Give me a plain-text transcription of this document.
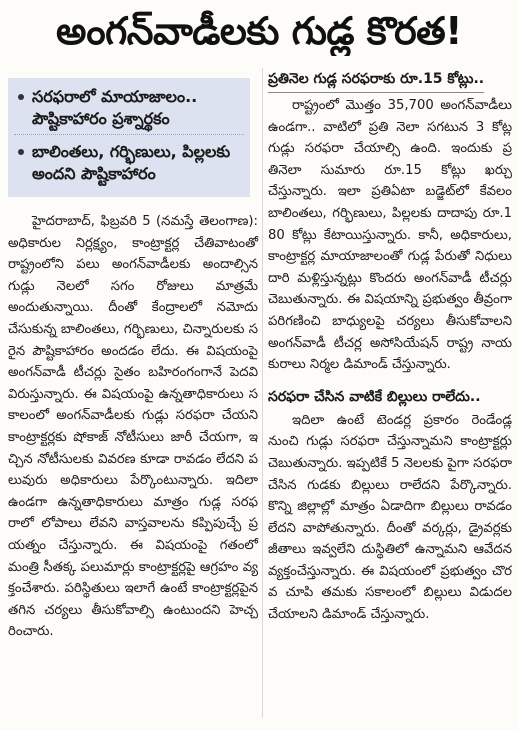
అంగన్‌వాడీలకు గుడ్ల కొరత!
సరఫరాలో మాయాజాలం.. పౌష్టికాహారం ప్రశ్నార్థకం
బాలింతలు, గర్భిణులు, పిల్లలకు అందని పౌష్టికాహారం

హైదరాబాద్‌, ఫిబ్రవరి 5 (నమస్తే తెలంగాణ): అధికారుల నిర్లక్ష్యం, కాంట్రాక్టర్ల చేతివాటంతో రాష్ట్రంలోని పలు అంగన్‌వాడీలకు అందాల్సిన గుడ్లు నెలలో సగం రోజులు మాత్రమే అందుతున్నాయి. దీంతో కేంద్రాలలో నమోదు చేసుకున్న బాలింతలు, గర్భిణులు, చిన్నారులకు సరైన పౌష్టికాహారం అందడం లేదు. ఈ విషయంపై అంగన్‌వాడీ టీచర్లు సైతం బహిరంగంగానే పెదవి విరుస్తున్నారు. ఈ విషయంపై ఉన్నతాధికారులు సకాలంలో అంగన్‌వాడీలకు గుడ్లు సరఫరా చేయని కాంట్రాక్టర్లకు షోకాజ్‌ నోటీసులు జారీ చేయగా, ఇచ్చిన నోటీసులకు వివరణ కూడా రావడం లేదని పలువురు అధికారులు పేర్కొంటున్నారు. ఇదిలా ఉండగా ఉన్నతాధికారులు మాత్రం గుడ్ల సరఫరాలో లోపాలు లేవని వాస్తవాలను కప్పిపుచ్చే ప్రయత్నం చేస్తున్నారు. ఈ విషయంపై గతంలో మంత్రి సీతక్క పలుమార్లు కాంట్రాక్టర్లపై ఆగ్రహం వ్యక్తంచేశారు. పరిస్థితులు ఇలాగే ఉంటే కాంట్రాక్టర్లపైన తగిన చర్యలు తీసుకోవాల్సి ఉంటుందని హెచ్చరించారు.

ప్రతినెల గుడ్ల సరఫరాకు రూ.15 కోట్లు..

రాష్ట్రంలో మొత్తం 35,700 అంగన్‌వాడీలు ఉండగా.. వాటిలో ప్రతి నెలా సగటున 3 కోట్ల గుడ్లు సరఫరా చేయాల్సి ఉంది. ఇందుకు ప్రతినెలా సుమారు రూ.15 కోట్లు ఖర్చు చేస్తున్నారు. ఇలా ప్రతిఏటా బడ్జెట్‌లో కేవలం బాలింతలు, గర్భిణులు, పిల్లలకు దాదాపు రూ.180 కోట్లు కేటాయిస్తున్నారు. కానీ, అధికారులు, కాంట్రాక్టర్ల మాయాజాలంతో గుడ్ల పేరుతో నిధులు దారి మళ్లిస్తున్నట్లు కొందరు అంగన్‌వాడీ టీచర్లు చెబుతున్నారు. ఈ విషయాన్ని ప్రభుత్వం తీవ్రంగా పరిగణించి బాధ్యులపై చర్యలు తీసుకోవాలని అంగన్‌వాడీ టీచర్ల అసోసియేషన్‌ రాష్ట్ర నాయకురాలు నిర్మల డిమాండ్‌ చేస్తున్నారు.

సరఫరా చేసిన వాటికే బిల్లులు రాలేదు..

ఇదిలా ఉంటే టెండర్ల ప్రకారం రెండేండ్ల నుంచి గుడ్లు సరఫరా చేస్తున్నామని కాంట్రాక్టర్లు చెబుతున్నారు. ఇప్పటికే 5 నెలలకు పైగా సరఫరా చేసిన గుడకు బిల్లులు రాలేదని పేర్కొన్నారు. కొన్ని జిల్లాల్లో మాత్రం ఏడాదిగా బిల్లులు రావడం లేదని వాపోతున్నారు. దీంతో వర్కర్లు, డ్రైవర్లకు జీతాలు ఇవ్వలేని దుస్థితిలో ఉన్నామని ఆవేదన వ్యక్తంచేస్తున్నారు. ఈ విషయంలో ప్రభుత్వం చొరవ చూపి తమకు సకాలంలో బిల్లులు విడుదల చేయాలని డిమాండ్‌ చేస్తున్నారు.
